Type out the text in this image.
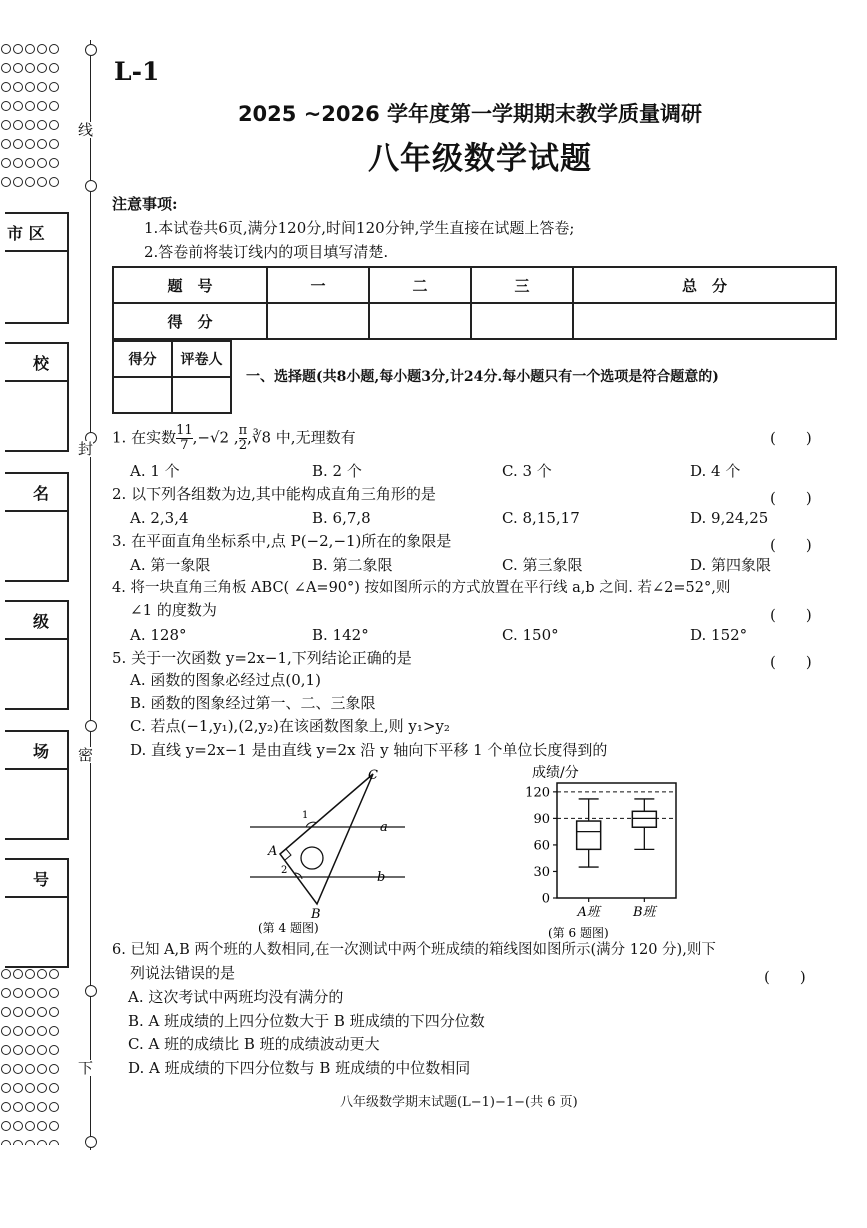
线
封
密
下
市 区
校
名
级
场
号
L-1
2025 ~2026 学年度第一学期期末教学质量调研
八年级数学试题
注意事项:
1.本试卷共6页,满分120分,时间120分钟,学生直接在试题上答卷;
2.答卷前将装订线内的项目填写清楚.
题　号	一	二	三	总　分
得　分				
得分	评卷人

一、选择题(共8小题,每小题3分,计24分.每小题只有一个选项是符合题意的)
1. 在实数 $\frac{11}{7} ,-√2$ , $\frac{\pi}{2}$ ,∛8 中,无理数有	(　　)
A. 1 个	B. 2 个	C. 3 个	D. 4 个
2. 以下列各组数为边,其中能构成直角三角形的是	(　　)
A. 2,3,4	B. 6,7,8	C. 8,15,17	D. 9,24,25
3. 在平面直角坐标系中,点 P(−2,−1)所在的象限是	(　　)
A. 第一象限	B. 第二象限	C. 第三象限	D. 第四象限
4. 将一块直角三角板 ABC( ∠A=90°) 按如图所示的方式放置在平行线 a,b 之间. 若∠2=52°,则
∠1 的度数为	(　　)
A. 128°	B. 142°	C. 150°	D. 152°
5. 关于一次函数 y=2x−1,下列结论正确的是	(　　)
A. 函数的图象必经过点(0,1)
B. 函数的图象经过第一、二、三象限
C. 若点(−1,y₁),(2,y₂)在该函数图象上,则 y₁>y₂
D. 直线 y=2x−1 是由直线 y=2x 沿 y 轴向下平移 1 个单位长度得到的
C
A
B
a
b
1
2
(第 4 题图)
成绩/分
0
30
60
90
120
A班	B班
(第 6 题图)
6. 已知 A,B 两个班的人数相同,在一次测试中两个班成绩的箱线图如图所示(满分 120 分),则下
列说法错误的是	(　　)
A. 这次考试中两班均没有满分的
B. A 班成绩的上四分位数大于 B 班成绩的下四分位数
C. A 班的成绩比 B 班的成绩波动更大
D. A 班成绩的下四分位数与 B 班成绩的中位数相同
八年级数学期末试题(L−1)−1−(共 6 页)
